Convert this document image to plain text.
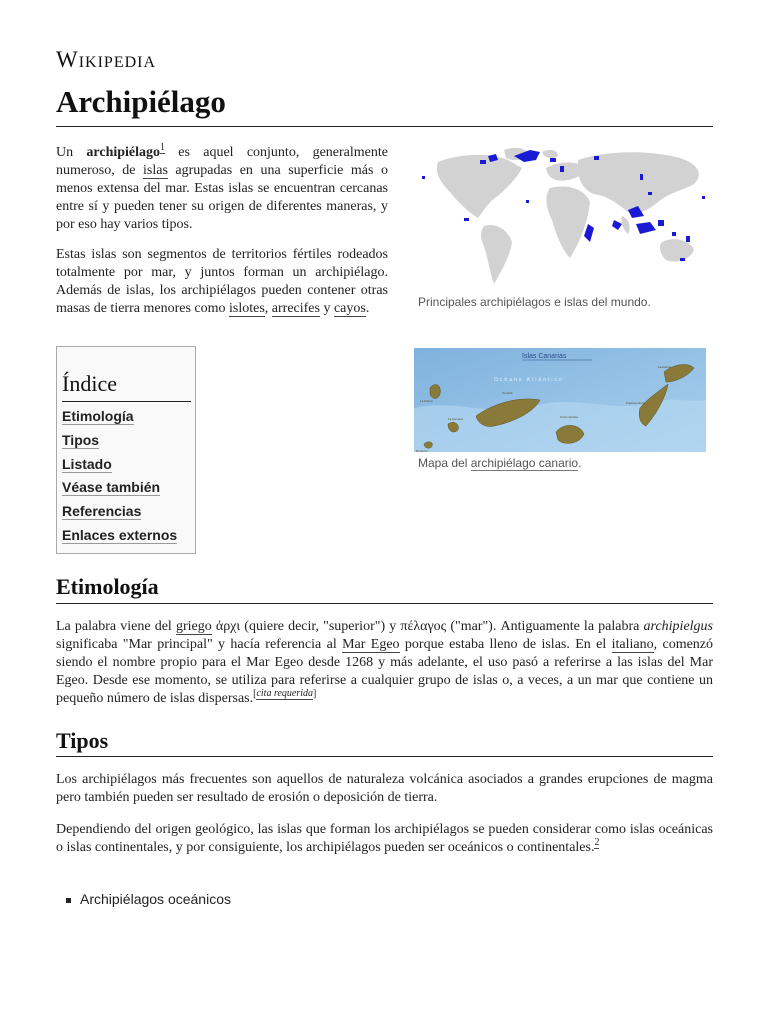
Wikipedia
Archipiélago

Un archipiélago$^1$ es aquel conjunto, generalmente numeroso, de islas agrupadas en una superficie más o menos extensa del mar. Estas islas se encuentran cercanas entre sí y pueden tener su origen de diferentes maneras, y por eso hay varios tipos.

Estas islas son segmentos de territorios fértiles rodeados totalmente por mar, y juntos forman un archipiélago. Además de islas, los archipiélagos pueden contener otras masas de tierra menores como islotes, arrecifes y cayos.	Principales archipiélagos e islas del mundo.
Islas Canarias
Océano Atlántico
La Palma
La Gomera
El Hierro
Tenerife
Gran Canaria
Fuerteventura
Lanzarote
Mapa del archipiélago canario.
Índice
Etimología
Tipos
Listado
Véase también
Referencias
Enlaces externos
Etimología

La palabra viene del griego ἀρχι (quiere decir, "superior") y πέλαγος ("mar"). Antiguamente la palabra archipielgus significaba "Mar principal" y hacía referencia al Mar Egeo porque estaba lleno de islas. En el italiano, comenzó siendo el nombre propio para el Mar Egeo desde 1268 y más adelante, el uso pasó a referirse a las islas del Mar Egeo. Desde ese momento, se utiliza para referirse a cualquier grupo de islas o, a veces, a un mar que contiene un pequeño número de islas dispersas.[cita requerida]

Tipos

Los archipiélagos más frecuentes son aquellos de naturaleza volcánica asociados a grandes erupciones de magma pero también pueden ser resultado de erosión o deposición de tierra.

Dependiendo del origen geológico, las islas que forman los archipiélagos se pueden considerar como islas oceánicas o islas continentales, y por consiguiente, los archipiélagos pueden ser oceánicos o continentales.$^2$

Archipiélagos oceánicos
